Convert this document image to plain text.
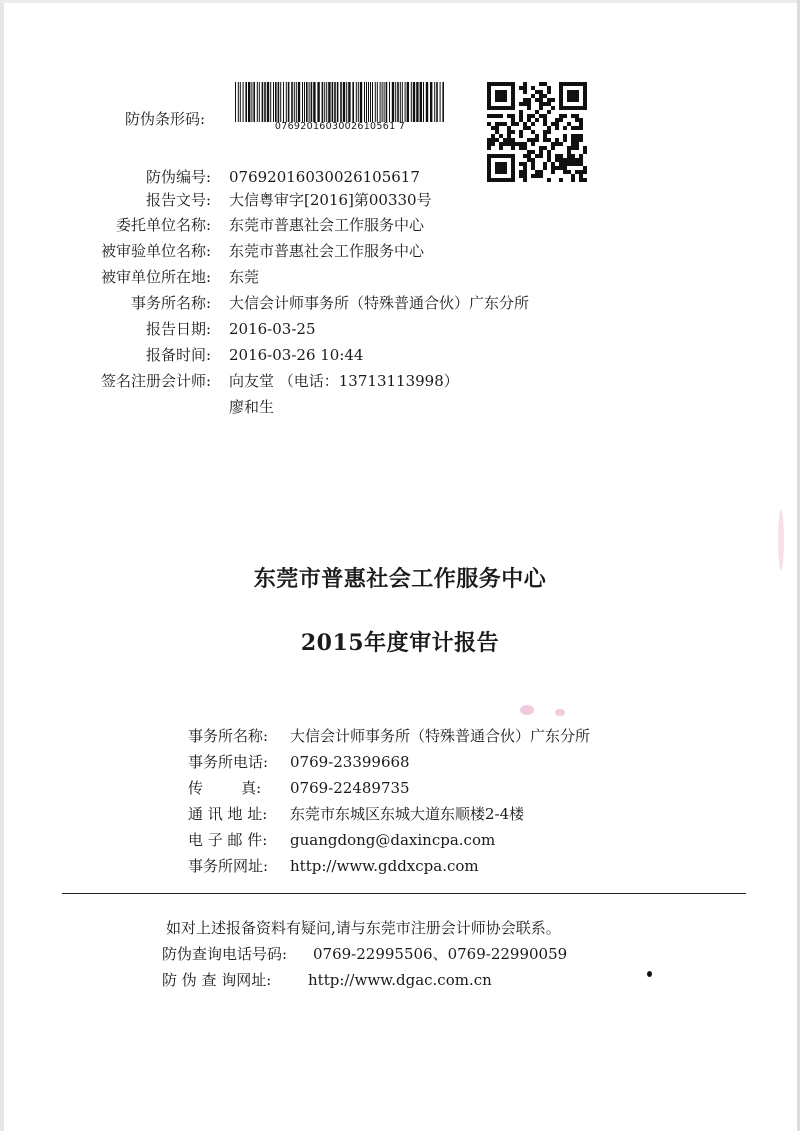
防伪条形码:	0769201603002610561 7
防伪编号: 07692016030026105617
报告文号: 大信粤审字[2016]第00330号
委托单位名称: 东莞市普惠社会工作服务中心
被审验单位名称: 东莞市普惠社会工作服务中心
被审单位所在地: 东莞
事务所名称: 大信会计师事务所（特殊普通合伙）广东分所
报告日期: 2016-03-25
报备时间: 2016-03-26 10:44
签名注册会计师: 向友堂 （电话：13713113998）
廖和生
东莞市普惠社会工作服务中心
2015年度审计报告
事务所名称: 大信会计师事务所（特殊普通合伙）广东分所
事务所电话: 0769-23399668
传        真: 0769-22489735
通 讯 地 址: 东莞市东城区东城大道东顺楼2-4楼
电 子 邮 件: guangdong@daxincpa.com
事务所网址: http://www.gddxcpa.com
如对上述报备资料有疑问,请与东莞市注册会计师协会联系。
防伪查询电话号码: 0769-22995506、0769-22990059
防 伪 查 询网址: http://www.dgac.com.cn
